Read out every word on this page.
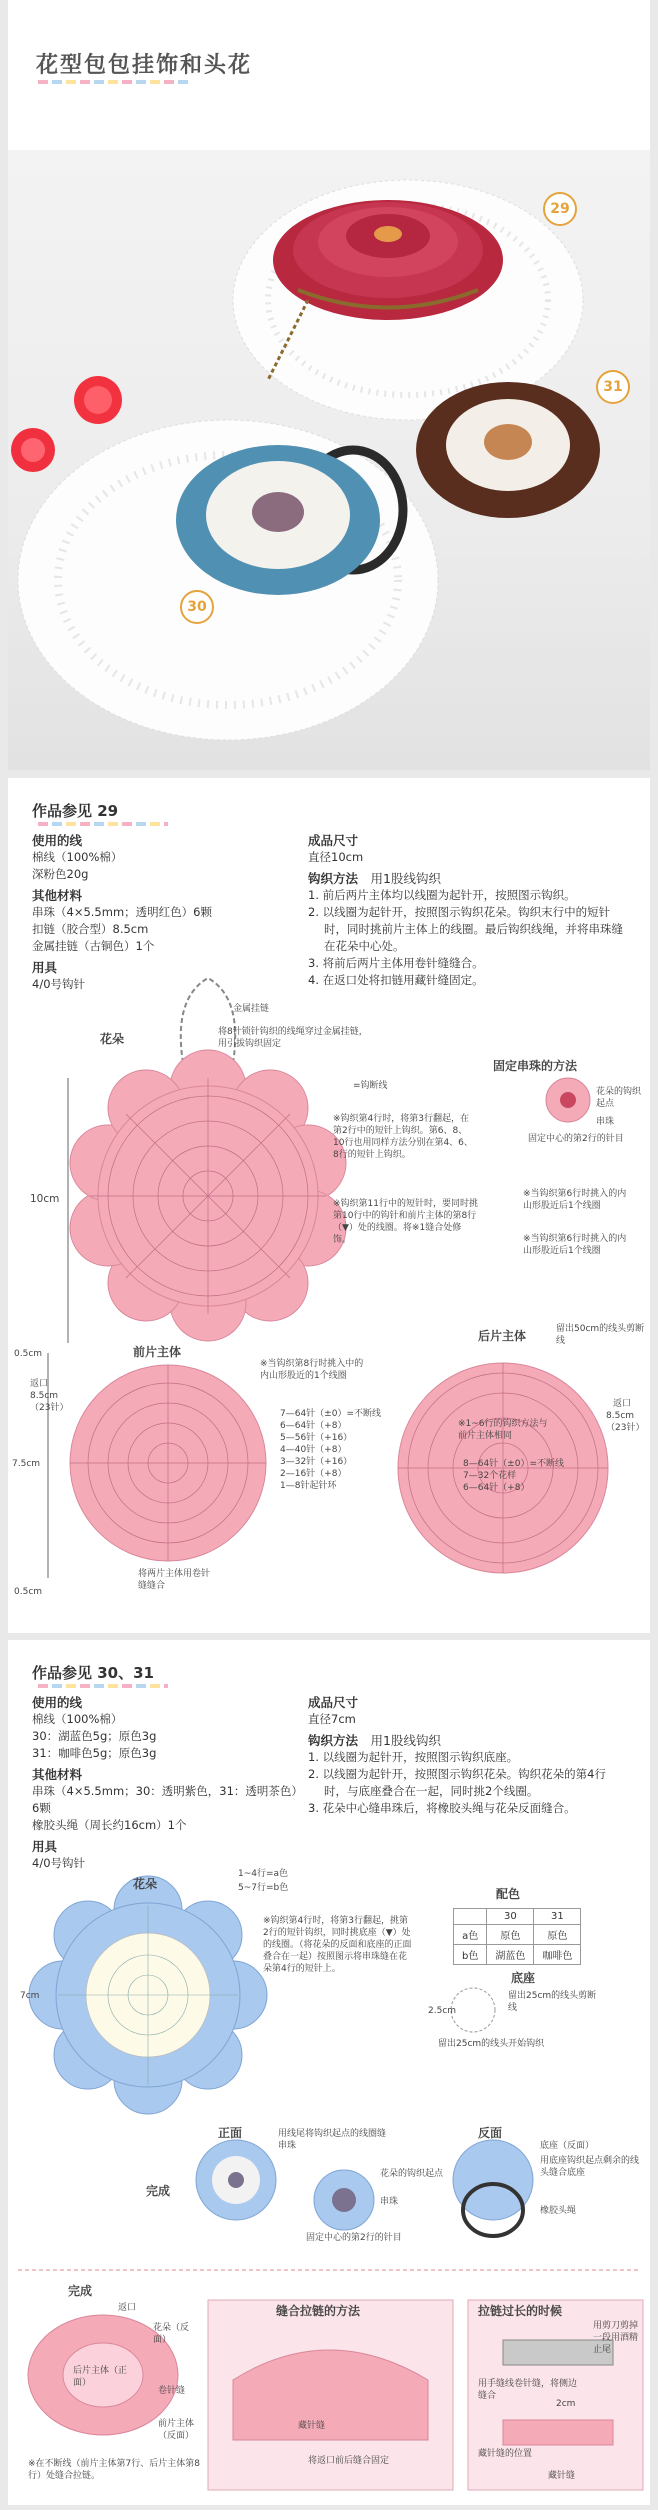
花型包包挂饰和头花
29
31
30
作品参见 29
使用的线
棉线（100%棉）
深粉色20g
其他材料
串珠（4×5.5mm；透明红色）6颗
扣链（胶合型）8.5cm
金属挂链（古铜色）1个
用具
4/0号钩针
成品尺寸
直径10cm
钩织方法　 用1股线钩织
1. 前后两片主体均以线圈为起针开，按照图示钩织。
2. 以线圈为起针开，按照图示钩织花朵。钩织末行中的短针时，同时挑前片主体上的线圈。最后钩织线绳，并将串珠缝在花朵中心处。
3. 将前后两片主体用卷针缝缝合。
4. 在返口处将扣链用藏针缝固定。
花朵
金属挂链
将8针锁针钩织的线绳穿过金属挂链，用引拔钩织固定
=钩断线
10cm
※钩织第4行时，将第3行翻起，在第2行中的短针上钩织。第6、8、10行也用同样方法分别在第4、6、8行的短针上钩织。
※钩织第11行中的短针时，要同时挑第10行中的钩针和前片主体的第8行（▼）处的线圈。将※1缝合处修饰。
固定串珠的方法
花朵的钩织起点
串珠
固定中心的第2行的针目
※当钩织第6行时挑入的内山形股近后1个线圈
※当钩织第6行时挑入的内山形股近后1个线圈
前片主体
※当钩织第8行时挑入中的内山形股近的1个线圈
0.5cm
返口
8.5cm
（23针）
7.5cm
0.5cm
7—64针（±0）=不断线
6—64针（+8）
5—56针（+16）
4—40针（+8）
3—32针（+16）
2—16针（+8）
1—8针起针环
将两片主体用卷针缝缝合
后片主体	留出50cm的线头剪断线
※1~6行的钩织方法与前片主体相同
8—64针（±0）=不断线
7—32个花样
6—64针（+8）
返口
8.5cm
（23针）
作品参见 30、31
使用的线
棉线（100%棉）
30：湖蓝色5g；原色3g
31：咖啡色5g；原色3g
其他材料
串珠（4×5.5mm；30：透明紫色，31：透明茶色）6颗
橡胶头绳（周长约16cm）1个
用具
4/0号钩针
成品尺寸
直径7cm
钩织方法　 用1股线钩织
1. 以线圈为起针开，按照图示钩织底座。
2. 以线圈为起针开，按照图示钩织花朵。钩织花朵的第4行时，与底座叠合在一起，同时挑2个线圈。
3. 花朵中心缝串珠后，将橡胶头绳与花朵反面缝合。
花朵
1~4行=a色
5~7行=b色
7cm
※钩织第4行时，将第3行翻起，挑第2行的短针钩织，同时挑底座（▼）处的线圈。（将花朵的反面和底座的正面叠合在一起）按照图示将串珠缝在花朵第4行的短针上。
配色
	30	31
a色	原色	原色
b色	湖蓝色	咖啡色
底座
留出25cm的线头剪断线
2.5cm
留出25cm的线头开始钩织
完成
正面	用线尾将钩织起点的线圈缝串珠
花朵的钩织起点
串珠
固定中心的第2行的针目
反面
底座（反面）
用底座钩织起点剩余的线头缝合底座
橡胶头绳
完成
返口
花朵（反面）
后片主体（正面）
卷针缝
前片主体（反面）
※在不断线（前片主体第7行、后片主体第8行）处缝合拉链。
缝合拉链的方法
藏针缝
将返口前后缝合固定
拉链过长的时候
用剪刀剪掉一段用酒精止尾
用手缝线卷针缝，将侧边缝合
2cm
藏针缝的位置
藏针缝
